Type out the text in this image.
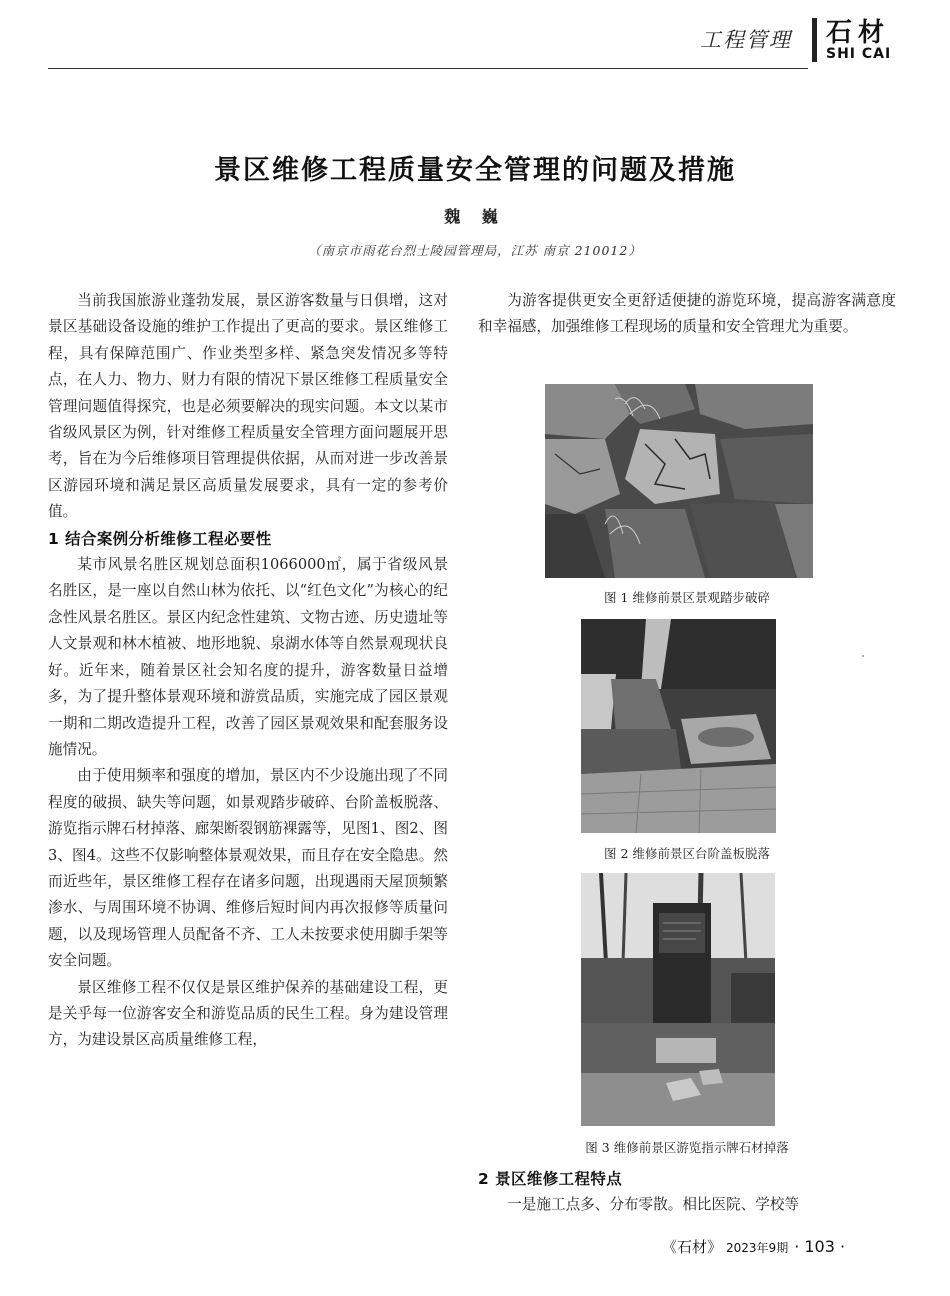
工程管理 石材
SHI CAI
景区维修工程质量安全管理的问题及措施
魏 巍
（南京市雨花台烈士陵园管理局，江苏 南京 210012）

当前我国旅游业蓬勃发展，景区游客数量与日俱增，这对景区基础设备设施的维护工作提出了更高的要求。景区维修工程，具有保障范围广、作业类型多样、紧急突发情况多等特点，在人力、物力、财力有限的情况下景区维修工程质量安全管理问题值得探究，也是必须要解决的现实问题。本文以某市省级风景区为例，针对维修工程质量安全管理方面问题展开思考，旨在为今后维修项目管理提供依据，从而对进一步改善景区游园环境和满足景区高质量发展要求，具有一定的参考价值。

1 结合案例分析维修工程必要性

某市风景名胜区规划总面积1066000㎡，属于省级风景名胜区，是一座以自然山林为依托、以“红色文化”为核心的纪念性风景名胜区。景区内纪念性建筑、文物古迹、历史遗址等人文景观和林木植被、地形地貌、泉湖水体等自然景观现状良好。近年来，随着景区社会知名度的提升，游客数量日益增多，为了提升整体景观环境和游赏品质，实施完成了园区景观一期和二期改造提升工程，改善了园区景观效果和配套服务设施情况。

由于使用频率和强度的增加，景区内不少设施出现了不同程度的破损、缺失等问题，如景观踏步破碎、台阶盖板脱落、游览指示牌石材掉落、廊架断裂钢筋裸露等，见图1、图2、图3、图4。这些不仅影响整体景观效果，而且存在安全隐患。然而近些年，景区维修工程存在诸多问题，出现遇雨天屋顶频繁渗水、与周围环境不协调、维修后短时间内再次报修等质量问题，以及现场管理人员配备不齐、工人未按要求使用脚手架等安全问题。

景区维修工程不仅仅是景区维护保养的基础建设工程，更是关乎每一位游客安全和游览品质的民生工程。身为建设管理方，为建设景区高质量维修工程，

为游客提供更安全更舒适便捷的游览环境，提高游客满意度和幸福感，加强维修工程现场的质量和安全管理尤为重要。

图 1 维修前景区景观踏步破碎
图 2 维修前景区台阶盖板脱落
图 3 维修前景区游览指示牌石材掉落
2 景区维修工程特点

一是施工点多、分布零散。相比医院、学校等

《石材》 2023年9期 · 103 ·
